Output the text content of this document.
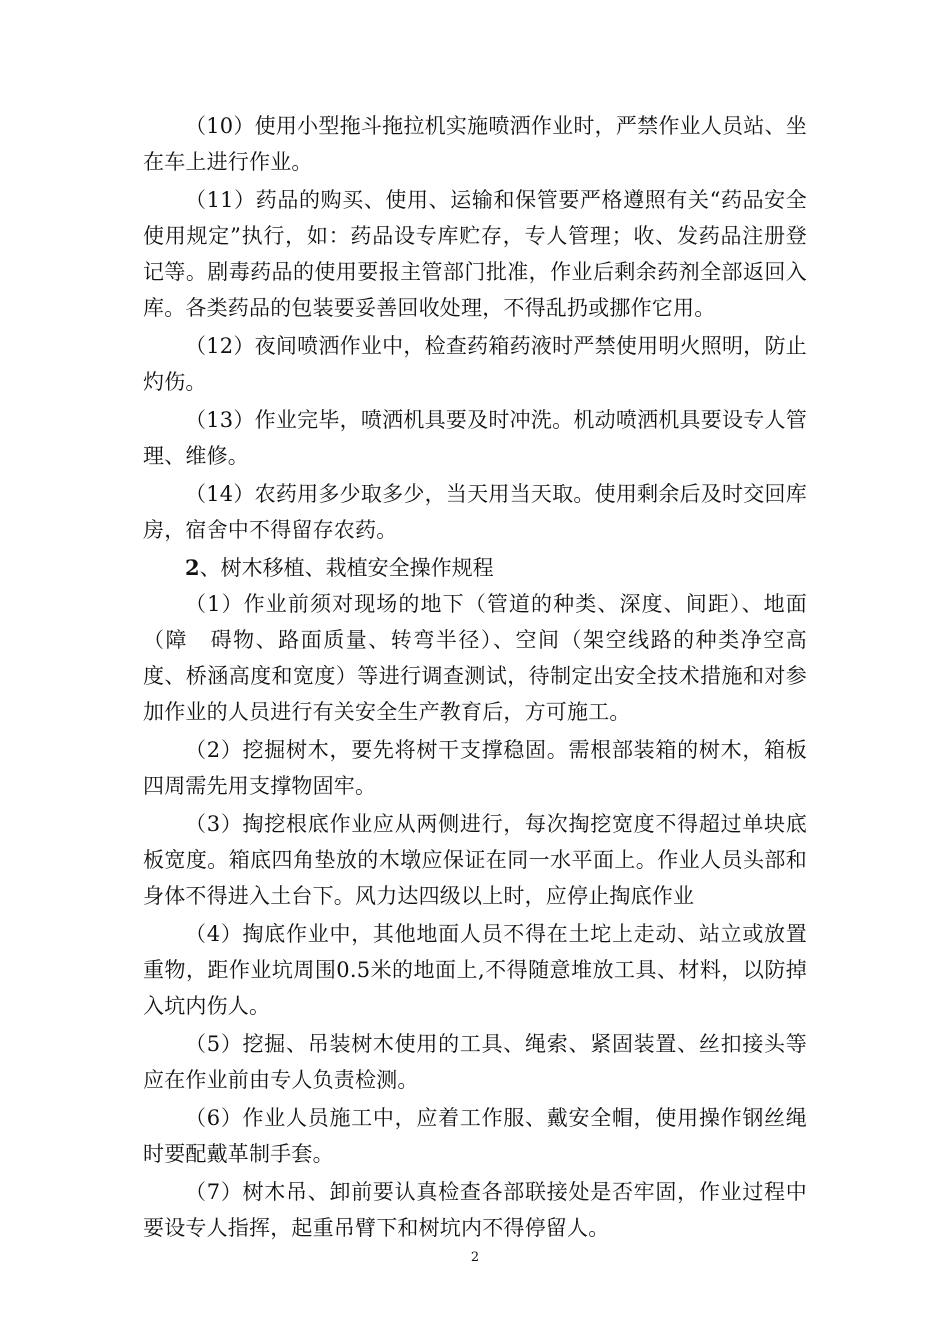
（10）使用小型拖斗拖拉机实施喷洒作业时，严禁作业人员站、坐在车上进行作业。

（11）药品的购买、使用、运输和保管要严格遵照有关“药品安全使用规定”执行，如：药品设专库贮存，专人管理；收、发药品注册登记等。剧毒药品的使用要报主管部门批准，作业后剩余药剂全部返回入库。各类药品的包装要妥善回收处理，不得乱扔或挪作它用。

（12）夜间喷洒作业中，检查药箱药液时严禁使用明火照明，防止灼伤。

（13）作业完毕，喷洒机具要及时冲洗。机动喷洒机具要设专人管理、维修。

（14）农药用多少取多少，当天用当天取。使用剩余后及时交回库房，宿舍中不得留存农药。

2、树木移植、栽植安全操作规程

（1）作业前须对现场的地下（管道的种类、深度、间距）、地面（障　碍物、路面质量、转弯半径）、空间（架空线路的种类净空高度、桥涵高度和宽度）等进行调查测试，待制定出安全技术措施和对参加作业的人员进行有关安全生产教育后，方可施工。

（2）挖掘树木，要先将树干支撑稳固。需根部装箱的树木，箱板四周需先用支撑物固牢。

（3）掏挖根底作业应从两侧进行，每次掏挖宽度不得超过单块底板宽度。箱底四角垫放的木墩应保证在同一水平面上。作业人员头部和身体不得进入土台下。风力达四级以上时，应停止掏底作业

（4）掏底作业中，其他地面人员不得在土坨上走动、站立或放置重物，距作业坑周围0.5米的地面上,不得随意堆放工具、材料，以防掉入坑内伤人。

（5）挖掘、吊装树木使用的工具、绳索、紧固装置、丝扣接头等应在作业前由专人负责检测。

（6）作业人员施工中，应着工作服、戴安全帽，使用操作钢丝绳时要配戴革制手套。

（7）树木吊、卸前要认真检查各部联接处是否牢固，作业过程中要设专人指挥，起重吊臂下和树坑内不得停留人。

2
